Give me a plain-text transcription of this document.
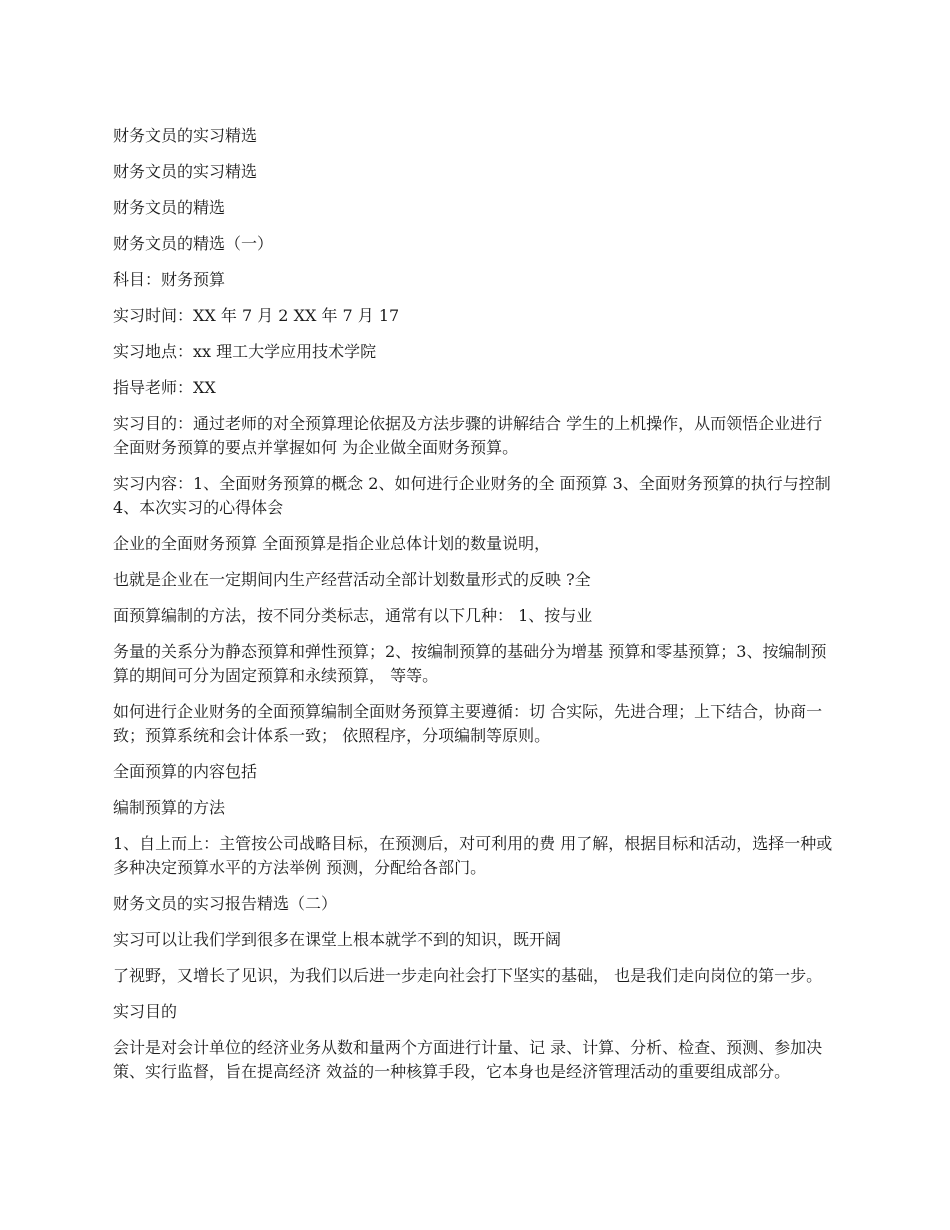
财务文员的实习精选

财务文员的实习精选

财务文员的精选

财务文员的精选（一）

科目：财务预算

实习时间：XX 年 7 月 2 XX 年 7 月 17

实习地点：xx 理工大学应用技术学院

指导老师：XX

实习目的：通过老师的对全预算理论依据及方法步骤的讲解结合 学生的上机操作，从而领悟企业进行全面财务预算的要点并掌握如何 为企业做全面财务预算。

实习内容：1、全面财务预算的概念 2、如何进行企业财务的全 面预算 3、全面财务预算的执行与控制 4、本次实习的心得体会

企业的全面财务预算 全面预算是指企业总体计划的数量说明，

也就是企业在一定期间内生产经营活动全部计划数量形式的反映 ?全

面预算编制的方法，按不同分类标志，通常有以下几种： 1、按与业

务量的关系分为静态预算和弹性预算；2、按编制预算的基础分为增基 预算和零基预算；3、按编制预算的期间可分为固定预算和永续预算， 等等。

如何进行企业财务的全面预算编制全面财务预算主要遵循：切 合实际，先进合理；上下结合，协商一致；预算系统和会计体系一致； 依照程序，分项编制等原则。

全面预算的内容包括

编制预算的方法

1、自上而上：主管按公司战略目标，在预测后，对可利用的费 用了解，根据目标和活动，选择一种或多种决定预算水平的方法举例 预测，分配给各部门。

财务文员的实习报告精选（二）

实习可以让我们学到很多在课堂上根本就学不到的知识，既开阔

了视野，又增长了见识，为我们以后进一步走向社会打下坚实的基础， 也是我们走向岗位的第一步。

实习目的

会计是对会计单位的经济业务从数和量两个方面进行计量、记 录、计算、分析、检查、预测、参加决策、实行监督，旨在提高经济 效益的一种核算手段，它本身也是经济管理活动的重要组成部分。
